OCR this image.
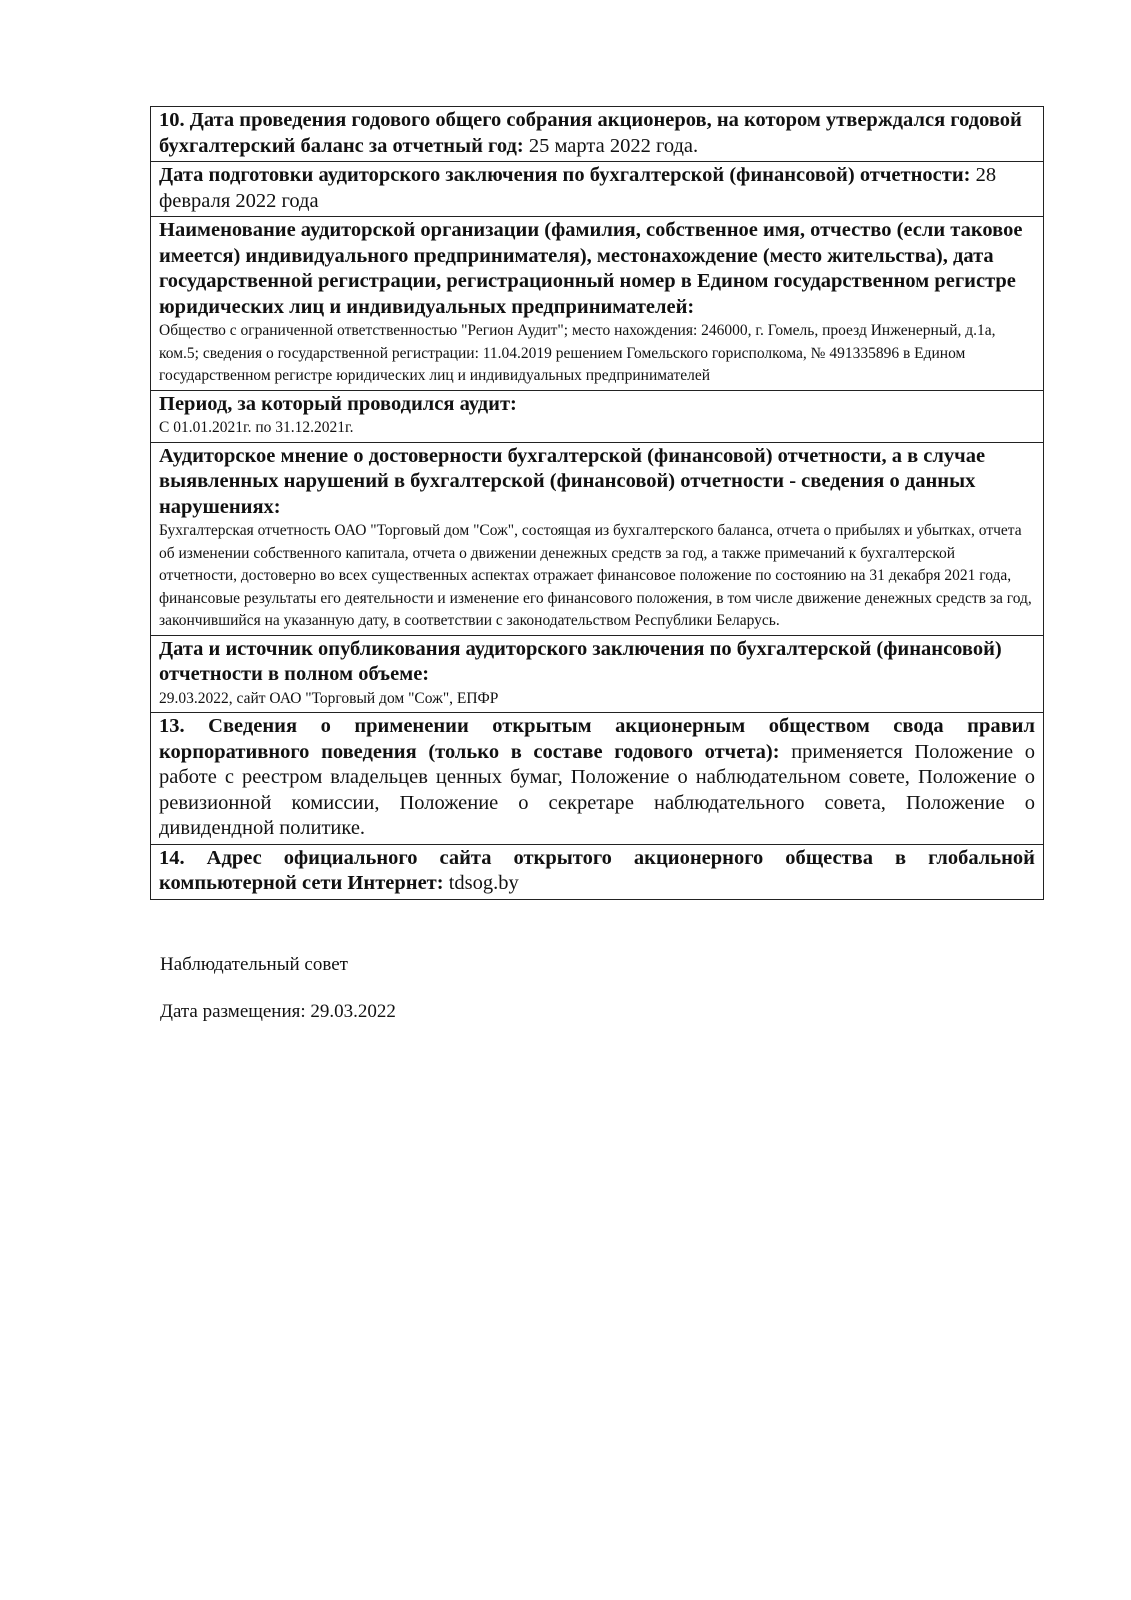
10. Дата проведения годового общего собрания акционеров, на котором утверждался годовой бухгалтерский баланс за отчетный год: 25 марта 2022 года.
Дата подготовки аудиторского заключения по бухгалтерской (финансовой) отчетности: 28 февраля 2022 года
Наименование аудиторской организации (фамилия, собственное имя, отчество (если таковое имеется) индивидуального предпринимателя), местонахождение (место жительства), дата государственной регистрации, регистрационный номер в Едином государственном регистре юридических лиц и индивидуальных предпринимателей:
Общество с ограниченной ответственностью "Регион Аудит"; место нахождения: 246000, г. Гомель, проезд Инженерный, д.1а, ком.5; сведения о государственной регистрации: 11.04.2019 решением Гомельского горисполкома, № 491335896 в Едином государственном регистре юридических лиц и индивидуальных предпринимателей
Период, за который проводился аудит:
С 01.01.2021г. по 31.12.2021г.
Аудиторское мнение о достоверности бухгалтерской (финансовой) отчетности, а в случае выявленных нарушений в бухгалтерской (финансовой) отчетности - сведения о данных нарушениях:
Бухгалтерская отчетность ОАО "Торговый дом "Сож", состоящая из бухгалтерского баланса, отчета о прибылях и убытках, отчета об изменении собственного капитала, отчета о движении денежных средств за год, а также примечаний к бухгалтерской отчетности, достоверно во всех существенных аспектах отражает финансовое положение по состоянию на 31 декабря 2021 года, финансовые результаты его деятельности и изменение его финансового положения, в том числе движение денежных средств за год, закончившийся на указанную дату, в соответствии с законодательством Республики Беларусь.
Дата и источник опубликования аудиторского заключения по бухгалтерской (финансовой) отчетности в полном объеме:
29.03.2022, сайт ОАО "Торговый дом "Сож", ЕПФР
13. Сведения о применении открытым акционерным обществом свода правил корпоративного поведения (только в составе годового отчета): применяется Положение о работе с реестром владельцев ценных бумаг, Положение о наблюдательном совете, Положение о ревизионной комиссии, Положение о секретаре наблюдательного совета, Положение о дивидендной политике.
14. Адрес официального сайта открытого акционерного общества в глобальной компьютерной сети Интернет: tdsog.by
Наблюдательный совет
Дата размещения: 29.03.2022
